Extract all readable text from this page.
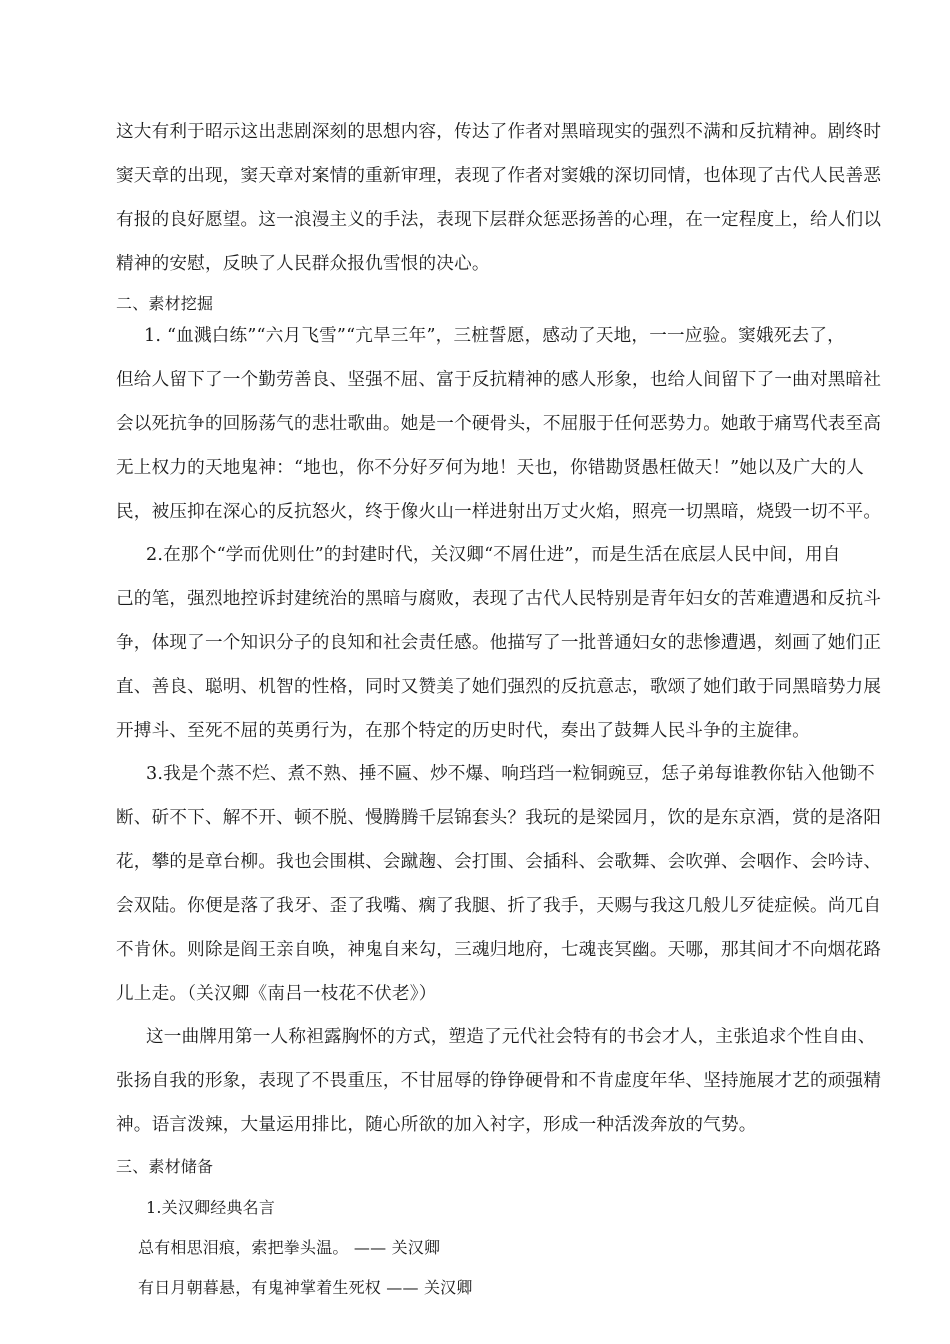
这大有利于昭示这出悲剧深刻的思想内容，传达了作者对黑暗现实的强烈不满和反抗精神。剧终时
窦天章的出现，窦天章对案情的重新审理，表现了作者对窦娥的深切同情，也体现了古代人民善恶
有报的良好愿望。这一浪漫主义的手法，表现下层群众惩恶扬善的心理，在一定程度上，给人们以
精神的安慰，反映了人民群众报仇雪恨的决心。
二、素材挖掘
1. “血溅白练”“六月飞雪”“亢旱三年”，三桩誓愿，感动了天地，一一应验。窦娥死去了，
但给人留下了一个勤劳善良、坚强不屈、富于反抗精神的感人形象，也给人间留下了一曲对黑暗社
会以死抗争的回肠荡气的悲壮歌曲。她是一个硬骨头，不屈服于任何恶势力。她敢于痛骂代表至高
无上权力的天地鬼神：“地也，你不分好歹何为地！天也，你错勘贤愚枉做天！”她以及广大的人
民，被压抑在深心的反抗怒火，终于像火山一样进射出万丈火焰，照亮一切黑暗，烧毁一切不平。
2.在那个“学而优则仕”的封建时代，关汉卿“不屑仕进”，而是生活在底层人民中间，用自
己的笔，强烈地控诉封建统治的黑暗与腐败，表现了古代人民特别是青年妇女的苦难遭遇和反抗斗
争，体现了一个知识分子的良知和社会责任感。他描写了一批普通妇女的悲惨遭遇，刻画了她们正
直、善良、聪明、机智的性格，同时又赞美了她们强烈的反抗意志，歌颂了她们敢于同黑暗势力展
开搏斗、至死不屈的英勇行为，在那个特定的历史时代，奏出了鼓舞人民斗争的主旋律。
3.我是个蒸不烂、煮不熟、捶不匾、炒不爆、响珰珰一粒铜豌豆，恁子弟每谁教你钻入他锄不
断、斫不下、解不开、顿不脱、慢腾腾千层锦套头？我玩的是梁园月，饮的是东京酒，赏的是洛阳
花，攀的是章台柳。我也会围棋、会蹴趜、会打围、会插科、会歌舞、会吹弹、会咽作、会吟诗、
会双陆。你便是落了我牙、歪了我嘴、瘸了我腿、折了我手，天赐与我这几般儿歹徒症候。尚兀自
不肯休。则除是阎王亲自唤，神鬼自来勾，三魂归地府，七魂丧冥幽。天哪，那其间才不向烟花路
儿上走。（关汉卿《南吕一枝花不伏老》）
这一曲牌用第一人称袒露胸怀的方式，塑造了元代社会特有的书会才人，主张追求个性自由、
张扬自我的形象，表现了不畏重压，不甘屈辱的铮铮硬骨和不肯虚度年华、坚持施展才艺的顽强精
神。语言泼辣，大量运用排比，随心所欲的加入衬字，形成一种活泼奔放的气势。
三、素材储备
1.关汉卿经典名言
总有相思泪痕，索把拳头温。 —— 关汉卿
有日月朝暮悬，有鬼神掌着生死权 —— 关汉卿
